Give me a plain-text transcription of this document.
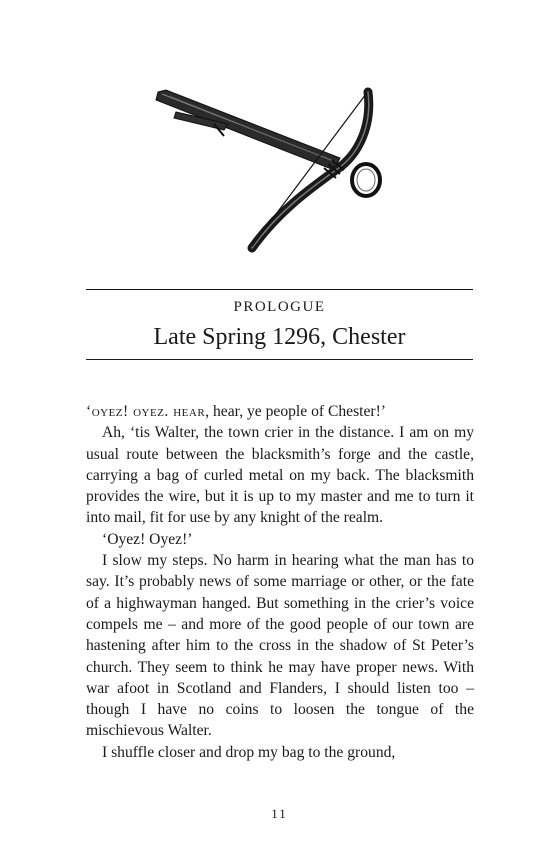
PROLOGUE
Late Spring 1296, Chester

‘oyez! oyez. hear, hear, ye people of Chester!’

Ah, ‘tis Walter, the town crier in the distance. I am on my usual route between the blacksmith’s forge and the castle, carrying a bag of curled metal on my back. The blacksmith provides the wire, but it is up to my master and me to turn it into mail, fit for use by any knight of the realm.

‘Oyez! Oyez!’

I slow my steps. No harm in hearing what the man has to say. It’s probably news of some marriage or other, or the fate of a highwayman hanged. But something in the crier’s voice compels me – and more of the good people of our town are hastening after him to the cross in the shadow of St Peter’s church. They seem to think he may have proper news. With war afoot in Scotland and Flanders, I should listen too – though I have no coins to loosen the tongue of the mischievous Walter.

I shuffle closer and drop my bag to the ground,

11
